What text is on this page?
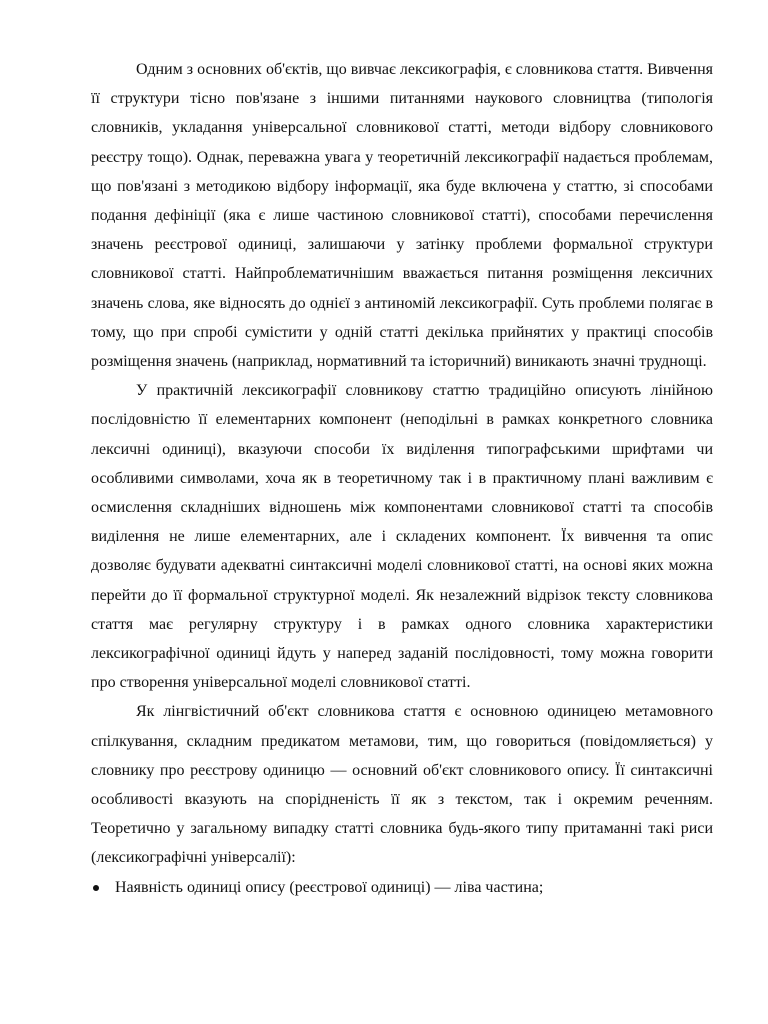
Одним з основних об'єктів, що вивчає лексикографія, є словникова стаття. Вивчення її структури тісно пов'язане з іншими питаннями наукового словництва (типологія словників, укладання універсальної словникової статті, методи відбору словникового реєстру тощо). Однак, переважна увага у теоретичній лексикографії надається проблемам, що пов'язані з методикою відбору інформації, яка буде включена у статтю, зі способами подання дефініції (яка є лише частиною словникової статті), способами перечислення значень реєстрової одиниці, залишаючи у затінку проблеми формальної структури словникової статті. Найпроблематичнішим вважається питання розміщення лексичних значень слова, яке відносять до однієї з антиномій лексикографії. Суть проблеми полягає в тому, що при спробі сумістити у одній статті декілька прийнятих у практиці способів розміщення значень (наприклад, нормативний та історичний) виникають значні труднощі.

У практичній лексикографії словникову статтю традиційно описують лінійною послідовністю її елементарних компонент (неподільні в рамках конкретного словника лексичні одиниці), вказуючи способи їх виділення типографськими шрифтами чи особливими символами, хоча як в теоретичному так і в практичному плані важливим є осмислення складніших відношень між компонентами словникової статті та способів виділення не лише елементарних, але і складених компонент. Їх вивчення та опис дозволяє будувати адекватні синтаксичні моделі словникової статті, на основі яких можна перейти до її формальної структурної моделі. Як незалежний відрізок тексту словникова стаття має регулярну структуру і в рамках одного словника характеристики лексикографічної одиниці йдуть у наперед заданій послідовності, тому можна говорити про створення універсальної моделі словникової статті.

Як лінгвістичний об'єкт словникова стаття є основною одиницею метамовного спілкування, складним предикатом метамови, тим, що говориться (повідомляється) у словнику про реєстрову одиницю — основний об'єкт словникового опису. Її синтаксичні особливості вказують на спорідненість її як з текстом, так і окремим реченням. Теоретично у загальному випадку статті словника будь-якого типу притаманні такі риси (лексикографічні універсалії):

Наявність одиниці опису (реєстрової одиниці) — ліва частина;
